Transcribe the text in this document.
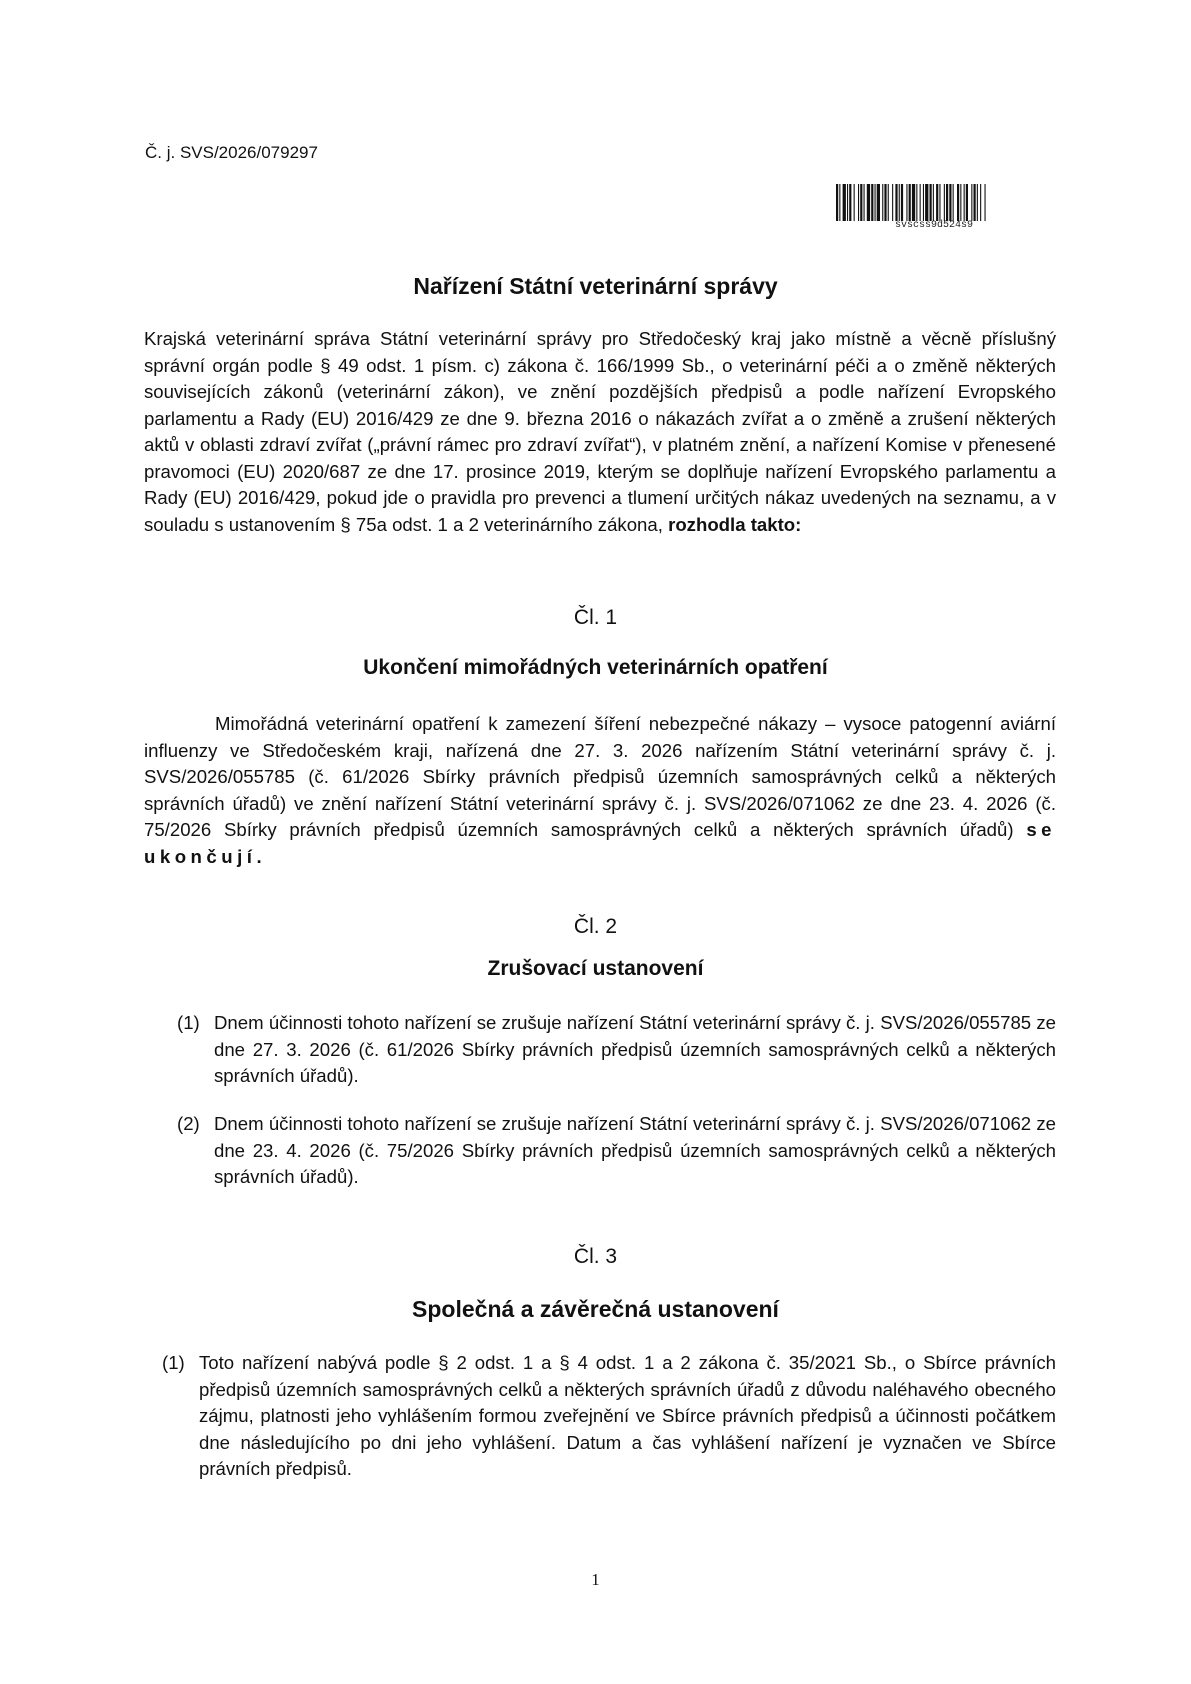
Č. j. SVS/2026/079297
svscss9d524s9
Nařízení Státní veterinární správy
Krajská veterinární správa Státní veterinární správy pro Středočeský kraj jako místně a věcně příslušný správní orgán podle § 49 odst. 1 písm. c) zákona č. 166/1999 Sb., o veterinární péči a o změně některých souvisejících zákonů (veterinární zákon), ve znění pozdějších předpisů a podle nařízení Evropského parlamentu a Rady (EU) 2016/429 ze dne 9. března 2016 o nákazách zvířat a o změně a zrušení některých aktů v oblasti zdraví zvířat („právní rámec pro zdraví zvířat“), v platném znění, a nařízení Komise v přenesené pravomoci (EU) 2020/687 ze dne 17. prosince 2019, kterým se doplňuje nařízení Evropského parlamentu a Rady (EU) 2016/429, pokud jde o pravidla pro prevenci a tlumení určitých nákaz uvedených na seznamu, a v souladu s ustanovením § 75a odst. 1 a 2 veterinárního zákona, rozhodla takto:
Čl. 1
Ukončení mimořádných veterinárních opatření
Mimořádná veterinární opatření k zamezení šíření nebezpečné nákazy – vysoce patogenní aviární influenzy ve Středočeském kraji, nařízená dne 27. 3. 2026 nařízením Státní veterinární správy č. j. SVS/2026/055785 (č. 61/2026 Sbírky právních předpisů územních samosprávných celků a některých správních úřadů) ve znění nařízení Státní veterinární správy č. j. SVS/2026/071062 ze dne 23. 4. 2026 (č. 75/2026 Sbírky právních předpisů územních samosprávných celků a některých správních úřadů) se ukončují.
Čl. 2
Zrušovací ustanovení
(1) Dnem účinnosti tohoto nařízení se zrušuje nařízení Státní veterinární správy č. j. SVS/2026/055785 ze dne 27. 3. 2026 (č. 61/2026 Sbírky právních předpisů územních samosprávných celků a některých správních úřadů).
(2) Dnem účinnosti tohoto nařízení se zrušuje nařízení Státní veterinární správy č. j. SVS/2026/071062 ze dne 23. 4. 2026 (č. 75/2026 Sbírky právních předpisů územních samosprávných celků a některých správních úřadů).
Čl. 3
Společná a závěrečná ustanovení
(1) Toto nařízení nabývá podle § 2 odst. 1 a § 4 odst. 1 a 2 zákona č. 35/2021 Sb., o Sbírce právních předpisů územních samosprávných celků a některých správních úřadů z důvodu naléhavého obecného zájmu, platnosti jeho vyhlášením formou zveřejnění ve Sbírce právních předpisů a účinnosti počátkem dne následujícího po dni jeho vyhlášení. Datum a čas vyhlášení nařízení je vyznačen ve Sbírce právních předpisů.
1
